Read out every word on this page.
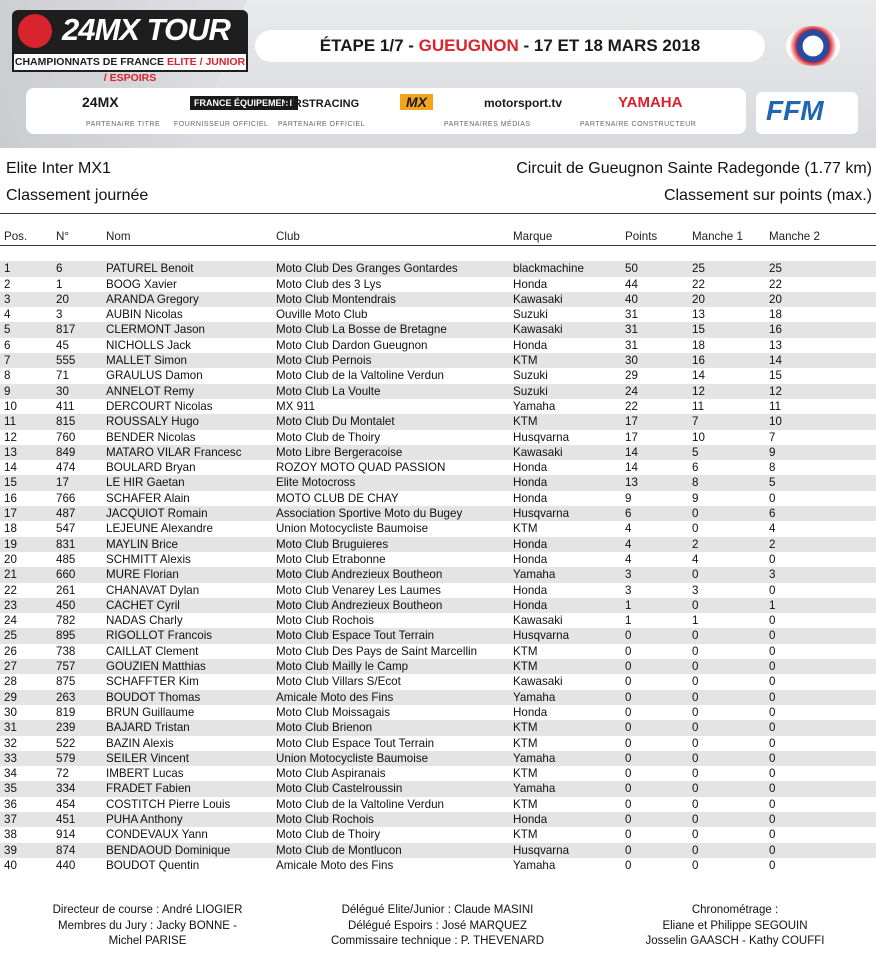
24MX TOUR
CHAMPIONNATS DE FRANCE ELITE / JUNIOR / ESPOIRS
ÉTAPE 1/7 - GUEUGNON - 17 ET 18 MARS 2018
24MX
PARTENAIRE TITRE
FRANCE ÉQUIPEMENT
FOURNISSEUR OFFICIEL
FIRSTRACING
PARTENAIRE OFFICIEL
MX	motorsport.tv
PARTENAIRES MÉDIAS
YAMAHA
PARTENAIRE CONSTRUCTEUR FFM
Elite Inter MX1	Circuit de Gueugnon Sainte Radegonde (1.77 km)
Classement journée	Classement sur points (max.)
Pos.	N°	Nom	Club	Marque	Points	Manche 1	Manche 2

1	6	PATUREL Benoit	Moto Club Des Granges Gontardes	blackmachine	50	25	25
2	1	BOOG Xavier	Moto Club des 3 Lys	Honda	44	22	22
3	20	ARANDA Gregory	Moto Club Montendrais	Kawasaki	40	20	20
4	3	AUBIN Nicolas	Ouville Moto Club	Suzuki	31	13	18
5	817	CLERMONT Jason	Moto Club La Bosse de Bretagne	Kawasaki	31	15	16
6	45	NICHOLLS Jack	Moto Club Dardon Gueugnon	Honda	31	18	13
7	555	MALLET Simon	Moto Club Pernois	KTM	30	16	14
8	71	GRAULUS Damon	Moto Club de la Valtoline Verdun	Suzuki	29	14	15
9	30	ANNELOT Remy	Moto Club La Voulte	Suzuki	24	12	12
10	411	DERCOURT Nicolas	MX 911	Yamaha	22	11	11
11	815	ROUSSALY Hugo	Moto Club Du Montalet	KTM	17	7	10
12	760	BENDER Nicolas	Moto Club de Thoiry	Husqvarna	17	10	7
13	849	MATARO VILAR Francesc	Moto Libre Bergeracoise	Kawasaki	14	5	9
14	474	BOULARD Bryan	ROZOY MOTO QUAD PASSION	Honda	14	6	8
15	17	LE HIR Gaetan	Elite Motocross	Honda	13	8	5
16	766	SCHAFER Alain	MOTO CLUB DE CHAY	Honda	9	9	0
17	487	JACQUIOT Romain	Association Sportive Moto du Bugey	Husqvarna	6	0	6
18	547	LEJEUNE Alexandre	Union Motocycliste Baumoise	KTM	4	0	4
19	831	MAYLIN Brice	Moto Club Bruguieres	Honda	4	2	2
20	485	SCHMITT Alexis	Moto Club Etrabonne	Honda	4	4	0
21	660	MURE Florian	Moto Club Andrezieux Boutheon	Yamaha	3	0	3
22	261	CHANAVAT Dylan	Moto Club Venarey Les Laumes	Honda	3	3	0
23	450	CACHET Cyril	Moto Club Andrezieux Boutheon	Honda	1	0	1
24	782	NADAS Charly	Moto Club Rochois	Kawasaki	1	1	0
25	895	RIGOLLOT Francois	Moto Club Espace Tout Terrain	Husqvarna	0	0	0
26	738	CAILLAT Clement	Moto Club Des Pays de Saint Marcellin	KTM	0	0	0
27	757	GOUZIEN Matthias	Moto Club Mailly le Camp	KTM	0	0	0
28	875	SCHAFFTER Kim	Moto Club Villars S/Ecot	Kawasaki	0	0	0
29	263	BOUDOT Thomas	Amicale Moto des Fins	Yamaha	0	0	0
30	819	BRUN Guillaume	Moto Club Moissagais	Honda	0	0	0
31	239	BAJARD Tristan	Moto Club Brienon	KTM	0	0	0
32	522	BAZIN Alexis	Moto Club Espace Tout Terrain	KTM	0	0	0
33	579	SEILER Vincent	Union Motocycliste Baumoise	Yamaha	0	0	0
34	72	IMBERT Lucas	Moto Club Aspiranais	KTM	0	0	0
35	334	FRADET Fabien	Moto Club Castelroussin	Yamaha	0	0	0
36	454	COSTITCH Pierre Louis	Moto Club de la Valtoline Verdun	KTM	0	0	0
37	451	PUHA Anthony	Moto Club Rochois	Honda	0	0	0
38	914	CONDEVAUX Yann	Moto Club de Thoiry	KTM	0	0	0
39	874	BENDAOUD Dominique	Moto Club de Montlucon	Husqvarna	0	0	0
40	440	BOUDOT Quentin	Amicale Moto des Fins	Yamaha	0	0	0
Directeur de course : André LIOGIER
Membres du Jury : Jacky BONNE -
Michel PARISE
Délégué Elite/Junior : Claude MASINI
Délégué Espoirs : José MARQUEZ
Commissaire technique : P. THEVENARD
Chronométrage :
Eliane et Philippe SEGOUIN
Josselin GAASCH - Kathy COUFFI
